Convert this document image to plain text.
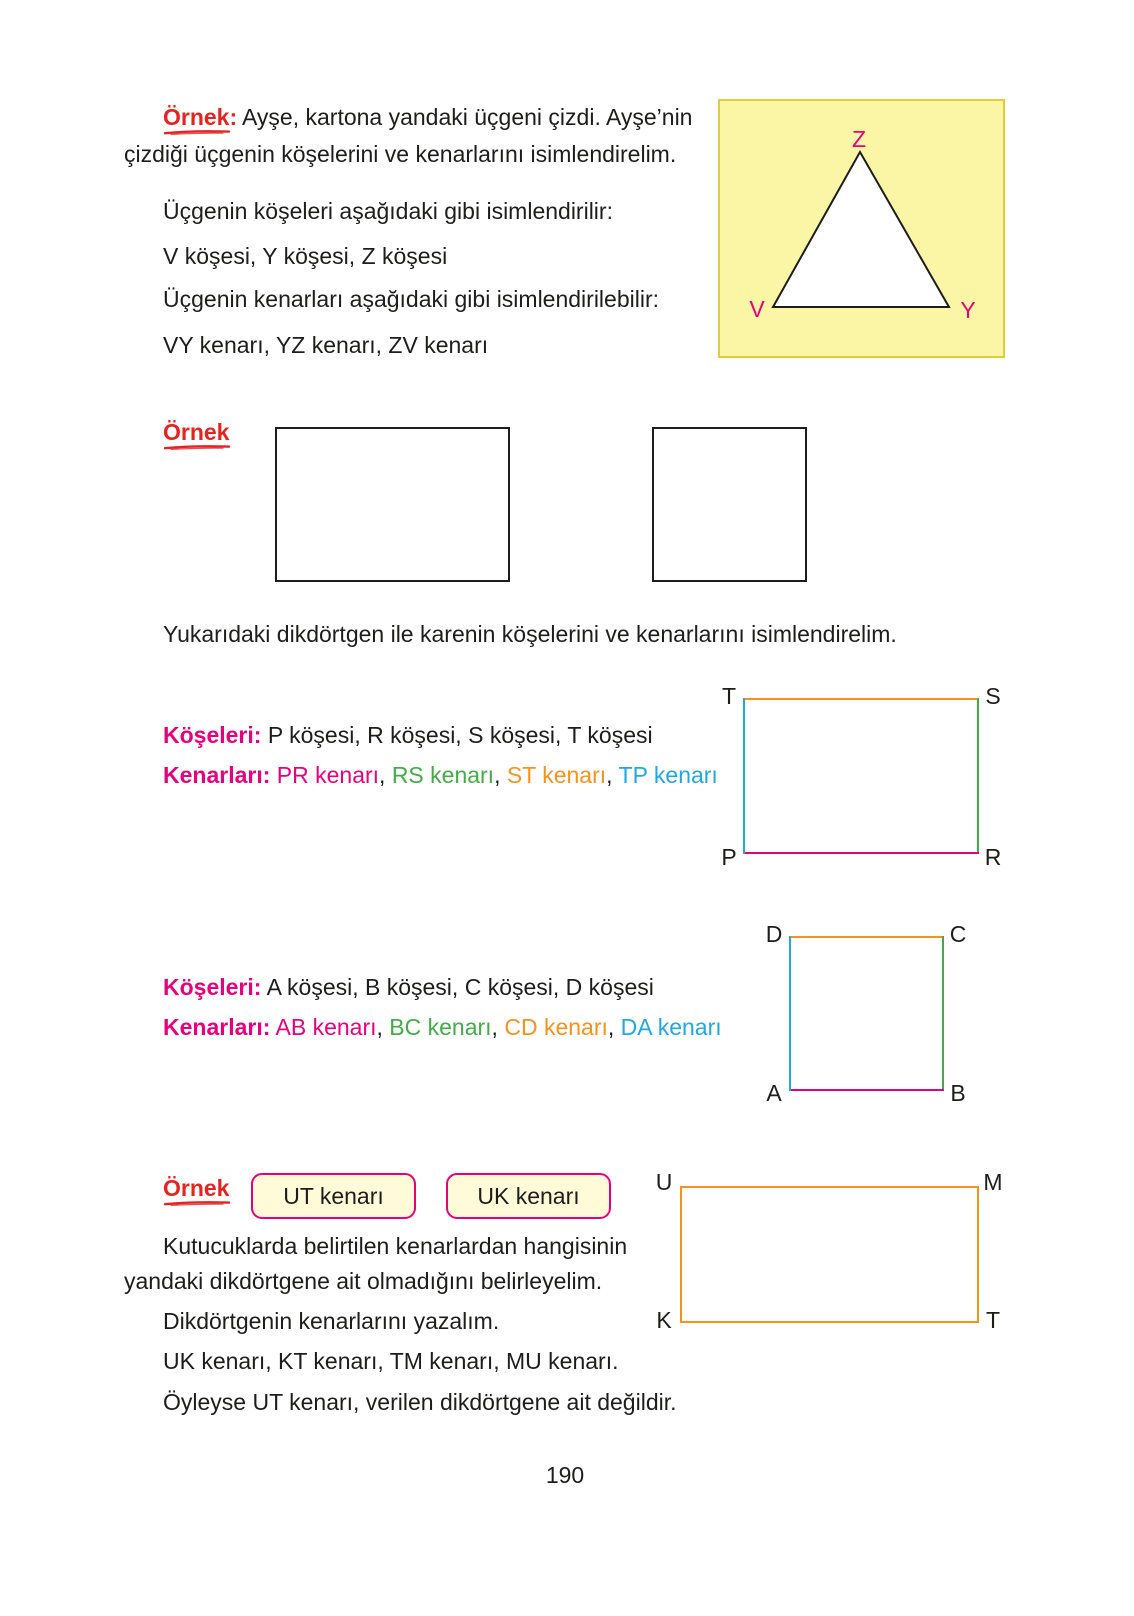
Örnek: Ayşe, kartona yandaki üçgeni çizdi. Ayşe’nin
çizdiği üçgenin köşelerini ve kenarlarını isimlendirelim.
Üçgenin köşeleri aşağıdaki gibi isimlendirilir:
V köşesi, Y köşesi, Z köşesi
Üçgenin kenarları aşağıdaki gibi isimlendirilebilir:
VY kenarı, YZ kenarı, ZV kenarı
Z
V	Y
Örnek
Yukarıdaki dikdörtgen ile karenin köşelerini ve kenarlarını isimlendirelim.
Köşeleri: P köşesi, R köşesi, S köşesi, T köşesi
Kenarları: PR kenarı, RS kenarı, ST kenarı, TP kenarı
T	S
P	R
D	C
A	B
Köşeleri: A köşesi, B köşesi, C köşesi, D köşesi
Kenarları: AB kenarı, BC kenarı, CD kenarı, DA kenarı
Örnek UT kenarı	UK kenarı
U	M
K	T
Kutucuklarda belirtilen kenarlardan hangisinin
yandaki dikdörtgene ait olmadığını belirleyelim.
Dikdörtgenin kenarlarını yazalım.
UK kenarı, KT kenarı, TM kenarı, MU kenarı.
Öyleyse UT kenarı, verilen dikdörtgene ait değildir.
190
